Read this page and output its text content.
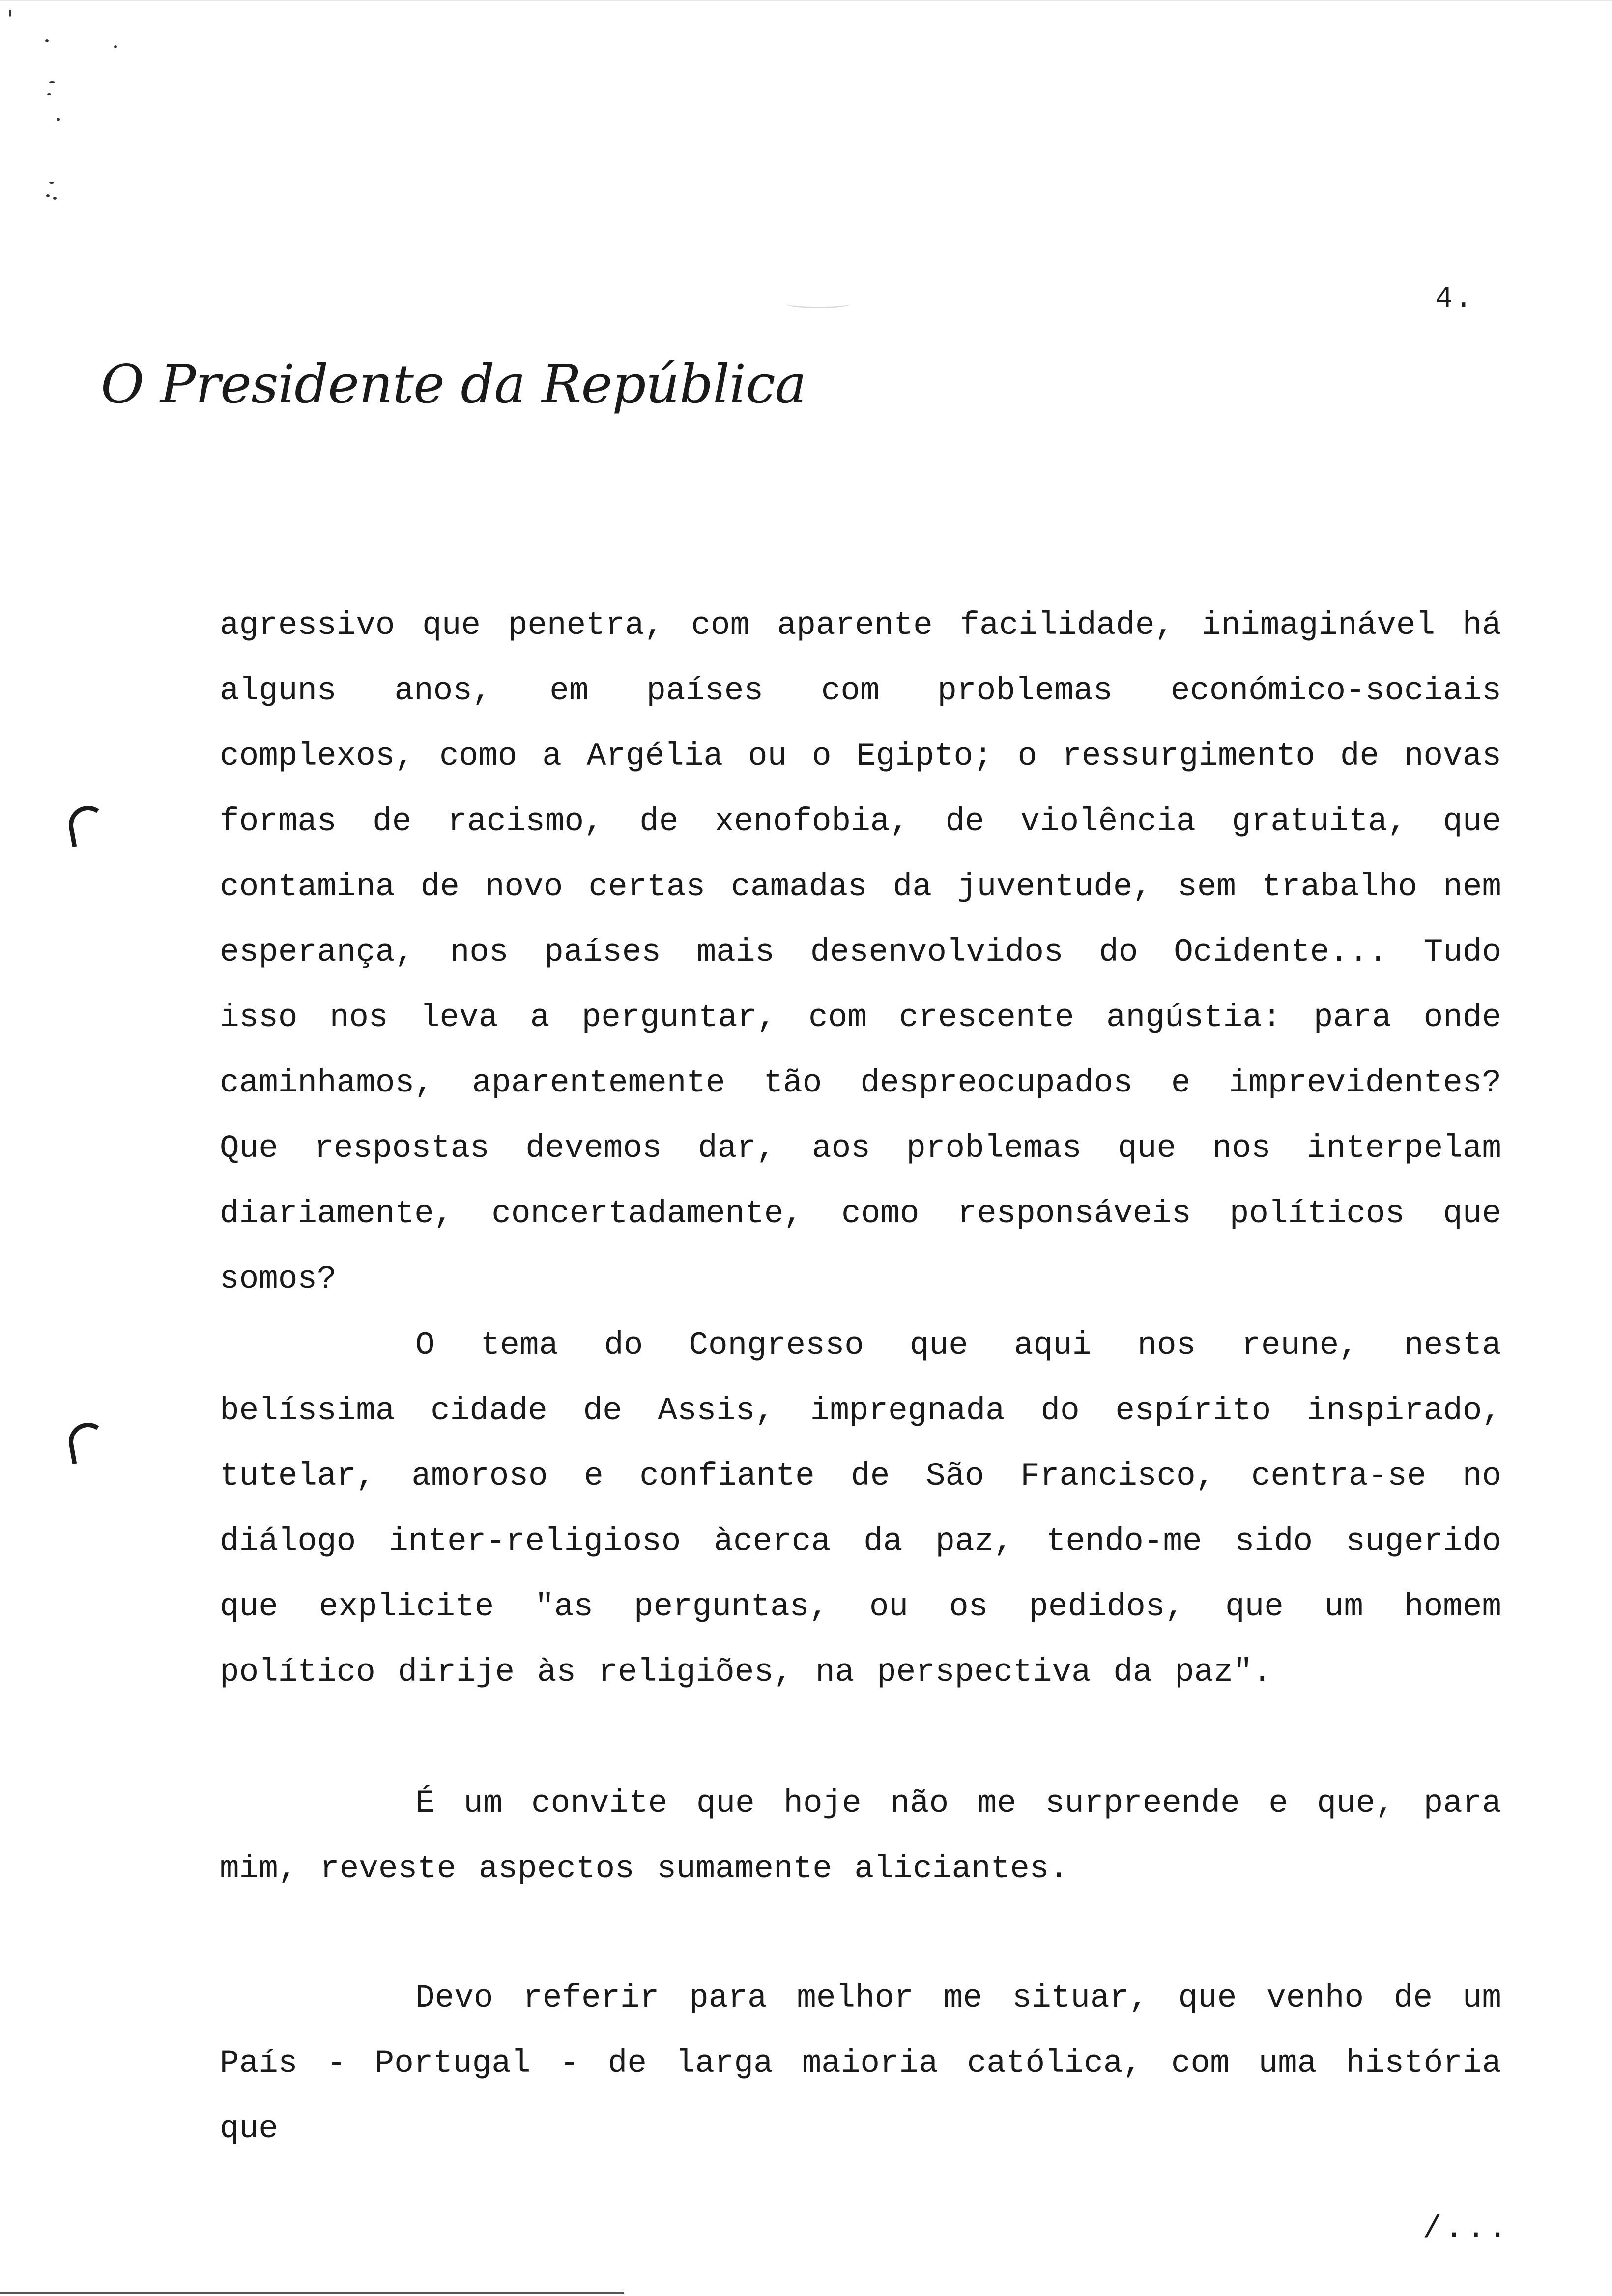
4.
O Presidente da República

agressivo que penetra, com aparente facilidade, inimaginável há alguns anos, em países com problemas económico-sociais complexos, como a Argélia ou o Egipto; o ressurgimento de novas formas de racismo, de xenofobia, de violência gratuita, que contamina de novo certas camadas da juventude, sem trabalho nem esperança, nos países mais desenvolvidos do Ocidente... Tudo isso nos leva a perguntar, com crescente angústia: para onde caminhamos, aparentemente tão despreocupados e imprevidentes? Que respostas devemos dar, aos problemas que nos interpelam diariamente, concertadamente, como responsáveis políticos que somos?

O tema do Congresso que aqui nos reune, nesta belíssima cidade de Assis, impregnada do espírito inspirado, tutelar, amoroso e confiante de São Francisco, centra-se no diálogo inter-religioso àcerca da paz, tendo-me sido sugerido que explicite "as perguntas, ou os pedidos, que um homem político dirije às religiões, na perspectiva da paz".

É um convite que hoje não me surpreende e que, para mim, reveste aspectos sumamente aliciantes.

Devo referir para melhor me situar, que venho de um País - Portugal - de larga maioria católica, com uma história que

/...
